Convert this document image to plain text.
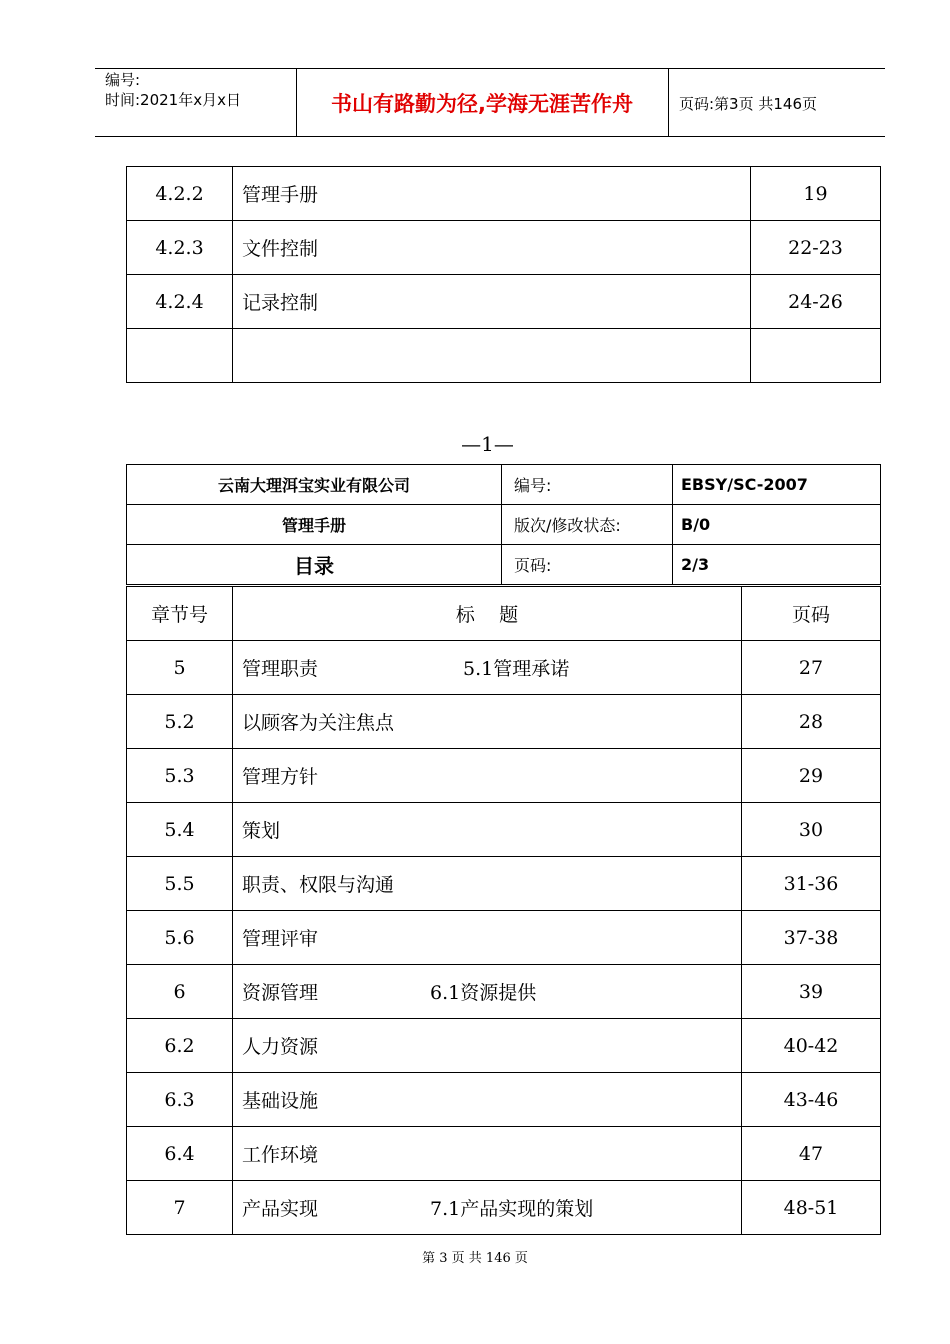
编号:
时间:2021年x月x日	书山有路勤为径,学海无涯苦作舟	页码:第3页 共146页
4.2.2	管理手册	19
4.2.3	文件控制	22-23
4.2.4	记录控制	24-26

—1—
云南大理洱宝实业有限公司	编号:	EBSY/SC-2007
管理手册	版次/修改状态:	B/0
目录	页码:	2/3
章节号	标    题	页码
5	管理职责 5.1管理承诺	27
5.2	以顾客为关注焦点	28
5.3	管理方针	29
5.4	策划	30
5.5	职责、权限与沟通	31-36
5.6	管理评审	37-38
6	资源管理 6.1资源提供	39
6.2	人力资源	40-42
6.3	基础设施	43-46
6.4	工作环境	47
7	产品实现 7.1产品实现的策划	48-51
第 3 页 共 146 页
